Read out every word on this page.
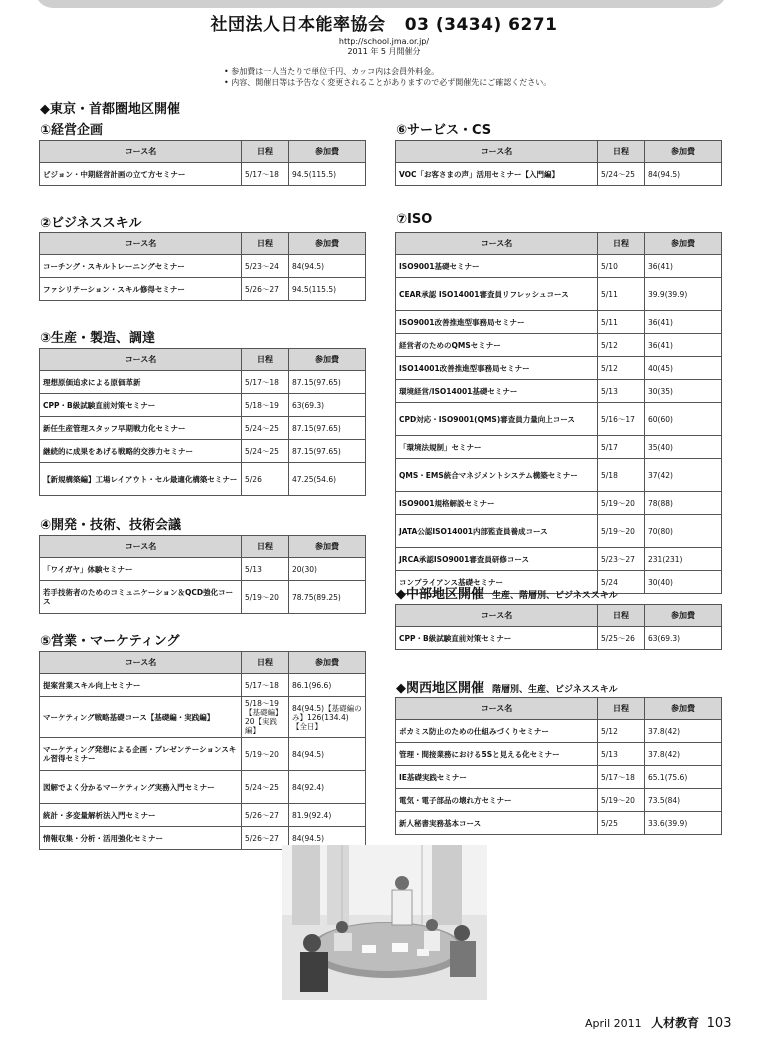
社団法人日本能率協会 03 (3434) 6271
http://school.jma.or.jp/
2011 年 5 月開催分
• 参加費は一人当たりで単位千円、カッコ内は会員外料金。
• 内容、開催日等は予告なく変更されることがありますので必ず開催先にご確認ください。
◆東京・首都圏地区開催
①経営企画
コース名	日程	参加費
ビジョン・中期経営計画の立て方セミナー	5/17～18	94.5(115.5)
②ビジネススキル
コース名	日程	参加費
コーチング・スキルトレーニングセミナー	5/23～24	84(94.5)
ファシリテーション・スキル修得セミナー	5/26～27	94.5(115.5)
③生産・製造、調達
コース名	日程	参加費
理想原価追求による原価革新	5/17～18	87.15(97.65)
CPP・B級試験直前対策セミナー	5/18～19	63(69.3)
新任生産管理スタッフ早期戦力化セミナー	5/24～25	87.15(97.65)
継続的に成果をあげる戦略的交渉力セミナー	5/24～25	87.15(97.65)
【新規構築編】工場レイアウト・セル最適化構築セミナー	5/26	47.25(54.6)
④開発・技術、技術会議
コース名	日程	参加費
「ワイガヤ」体験セミナー	5/13	20(30)
若手技術者のためのコミュニケーション＆QCD強化コース	5/19～20	78.75(89.25)
⑤営業・マーケティング
コース名	日程	参加費
提案営業スキル向上セミナー	5/17～18	86.1(96.6)
マーケティング戦略基礎コース【基礎編・実践編】	5/18～19【基礎編】20【実践編】	84(94.5)【基礎編のみ】126(134.4)【全日】
マーケティング発想による企画・プレゼンテーションスキル習得セミナー	5/19～20	84(94.5)
図解でよく分かるマーケティング実務入門セミナー	5/24～25	84(92.4)
統計・多変量解析法入門セミナー	5/26～27	81.9(92.4)
情報収集・分析・活用強化セミナー	5/26～27	84(94.5)
⑥サービス・CS
コース名	日程	参加費
VOC「お客さまの声」活用セミナー【入門編】	5/24～25	84(94.5)
⑦ISO
コース名	日程	参加費
ISO9001基礎セミナー	5/10	36(41)
CEAR承認 ISO14001審査員リフレッシュコース	5/11	39.9(39.9)
ISO9001改善推進型事務局セミナー	5/11	36(41)
経営者のためのQMSセミナー	5/12	36(41)
ISO14001改善推進型事務局セミナー	5/12	40(45)
環境経営/ISO14001基礎セミナー	5/13	30(35)
CPD対応・ISO9001(QMS)審査員力量向上コース	5/16～17	60(60)
「環境法規制」セミナー	5/17	35(40)
QMS・EMS統合マネジメントシステム構築セミナー	5/18	37(42)
ISO9001規格解説セミナー	5/19～20	78(88)
JATA公認ISO14001内部監査員養成コース	5/19～20	70(80)
JRCA承認ISO9001審査員研修コース	5/23～27	231(231)
コンプライアンス基礎セミナー	5/24	30(40)
◆中部地区開催 生産、階層別、ビジネススキル
コース名	日程	参加費
CPP・B級試験直前対策セミナー	5/25～26	63(69.3)
◆関西地区開催 階層別、生産、ビジネススキル
コース名	日程	参加費
ポカミス防止のための仕組みづくりセミナー	5/12	37.8(42)
管理・間接業務における5Sと見える化セミナー	5/13	37.8(42)
IE基礎実践セミナー	5/17～18	65.1(75.6)
電気・電子部品の壊れ方セミナー	5/19～20	73.5(84)
新人秘書実務基本コース	5/25	33.6(39.9)
April 2011 人材教育 103
